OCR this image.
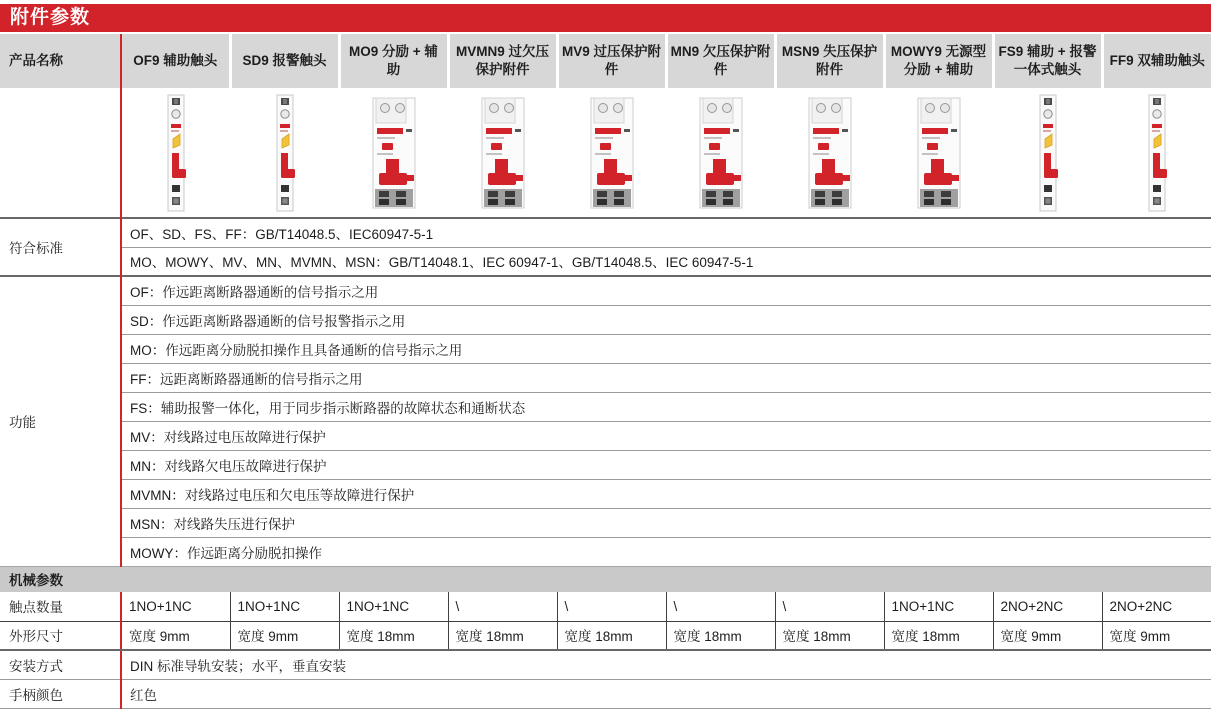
附件参数
产品名称	OF9 辅助触头	SD9 报警触头	MO9 分励 + 辅助	MVMN9 过欠压保护附件	MV9 过压保护附件	MN9 欠压保护附件	MSN9 失压保护附件	MOWY9 无源型分励 + 辅助	FS9 辅助 + 报警一体式触头	FF9 双辅助触头

符合标准	OF、SD、FS、FF：GB/T14048.5、IEC60947-5-1									
	MO、MOWY、MV、MN、MVMN、MSN：GB/T14048.1、IEC 60947-1、GB/T14048.5、IEC 60947-5-1									
功能	OF：作远距离断路器通断的信号指示之用									
	SD：作远距离断路器通断的信号报警指示之用									
	MO：作远距离分励脱扣操作且具备通断的信号指示之用									
	FF：远距离断路器通断的信号指示之用									
	FS：辅助报警一体化，用于同步指示断路器的故障状态和通断状态									
	MV：对线路过电压故障进行保护									
	MN：对线路欠电压故障进行保护									
	MVMN：对线路过电压和欠电压等故障进行保护									
	MSN：对线路失压进行保护									
	MOWY：作远距离分励脱扣操作									
机械参数										
触点数量	1NO+1NC	1NO+1NC	1NO+1NC	\	\	\	\	1NO+1NC	2NO+2NC	2NO+2NC
外形尺寸	宽度 9mm	宽度 9mm	宽度 18mm	宽度 18mm	宽度 18mm	宽度 18mm	宽度 18mm	宽度 18mm	宽度 9mm	宽度 9mm
安装方式	DIN 标准导轨安装；水平，垂直安装									
手柄颜色	红色									
